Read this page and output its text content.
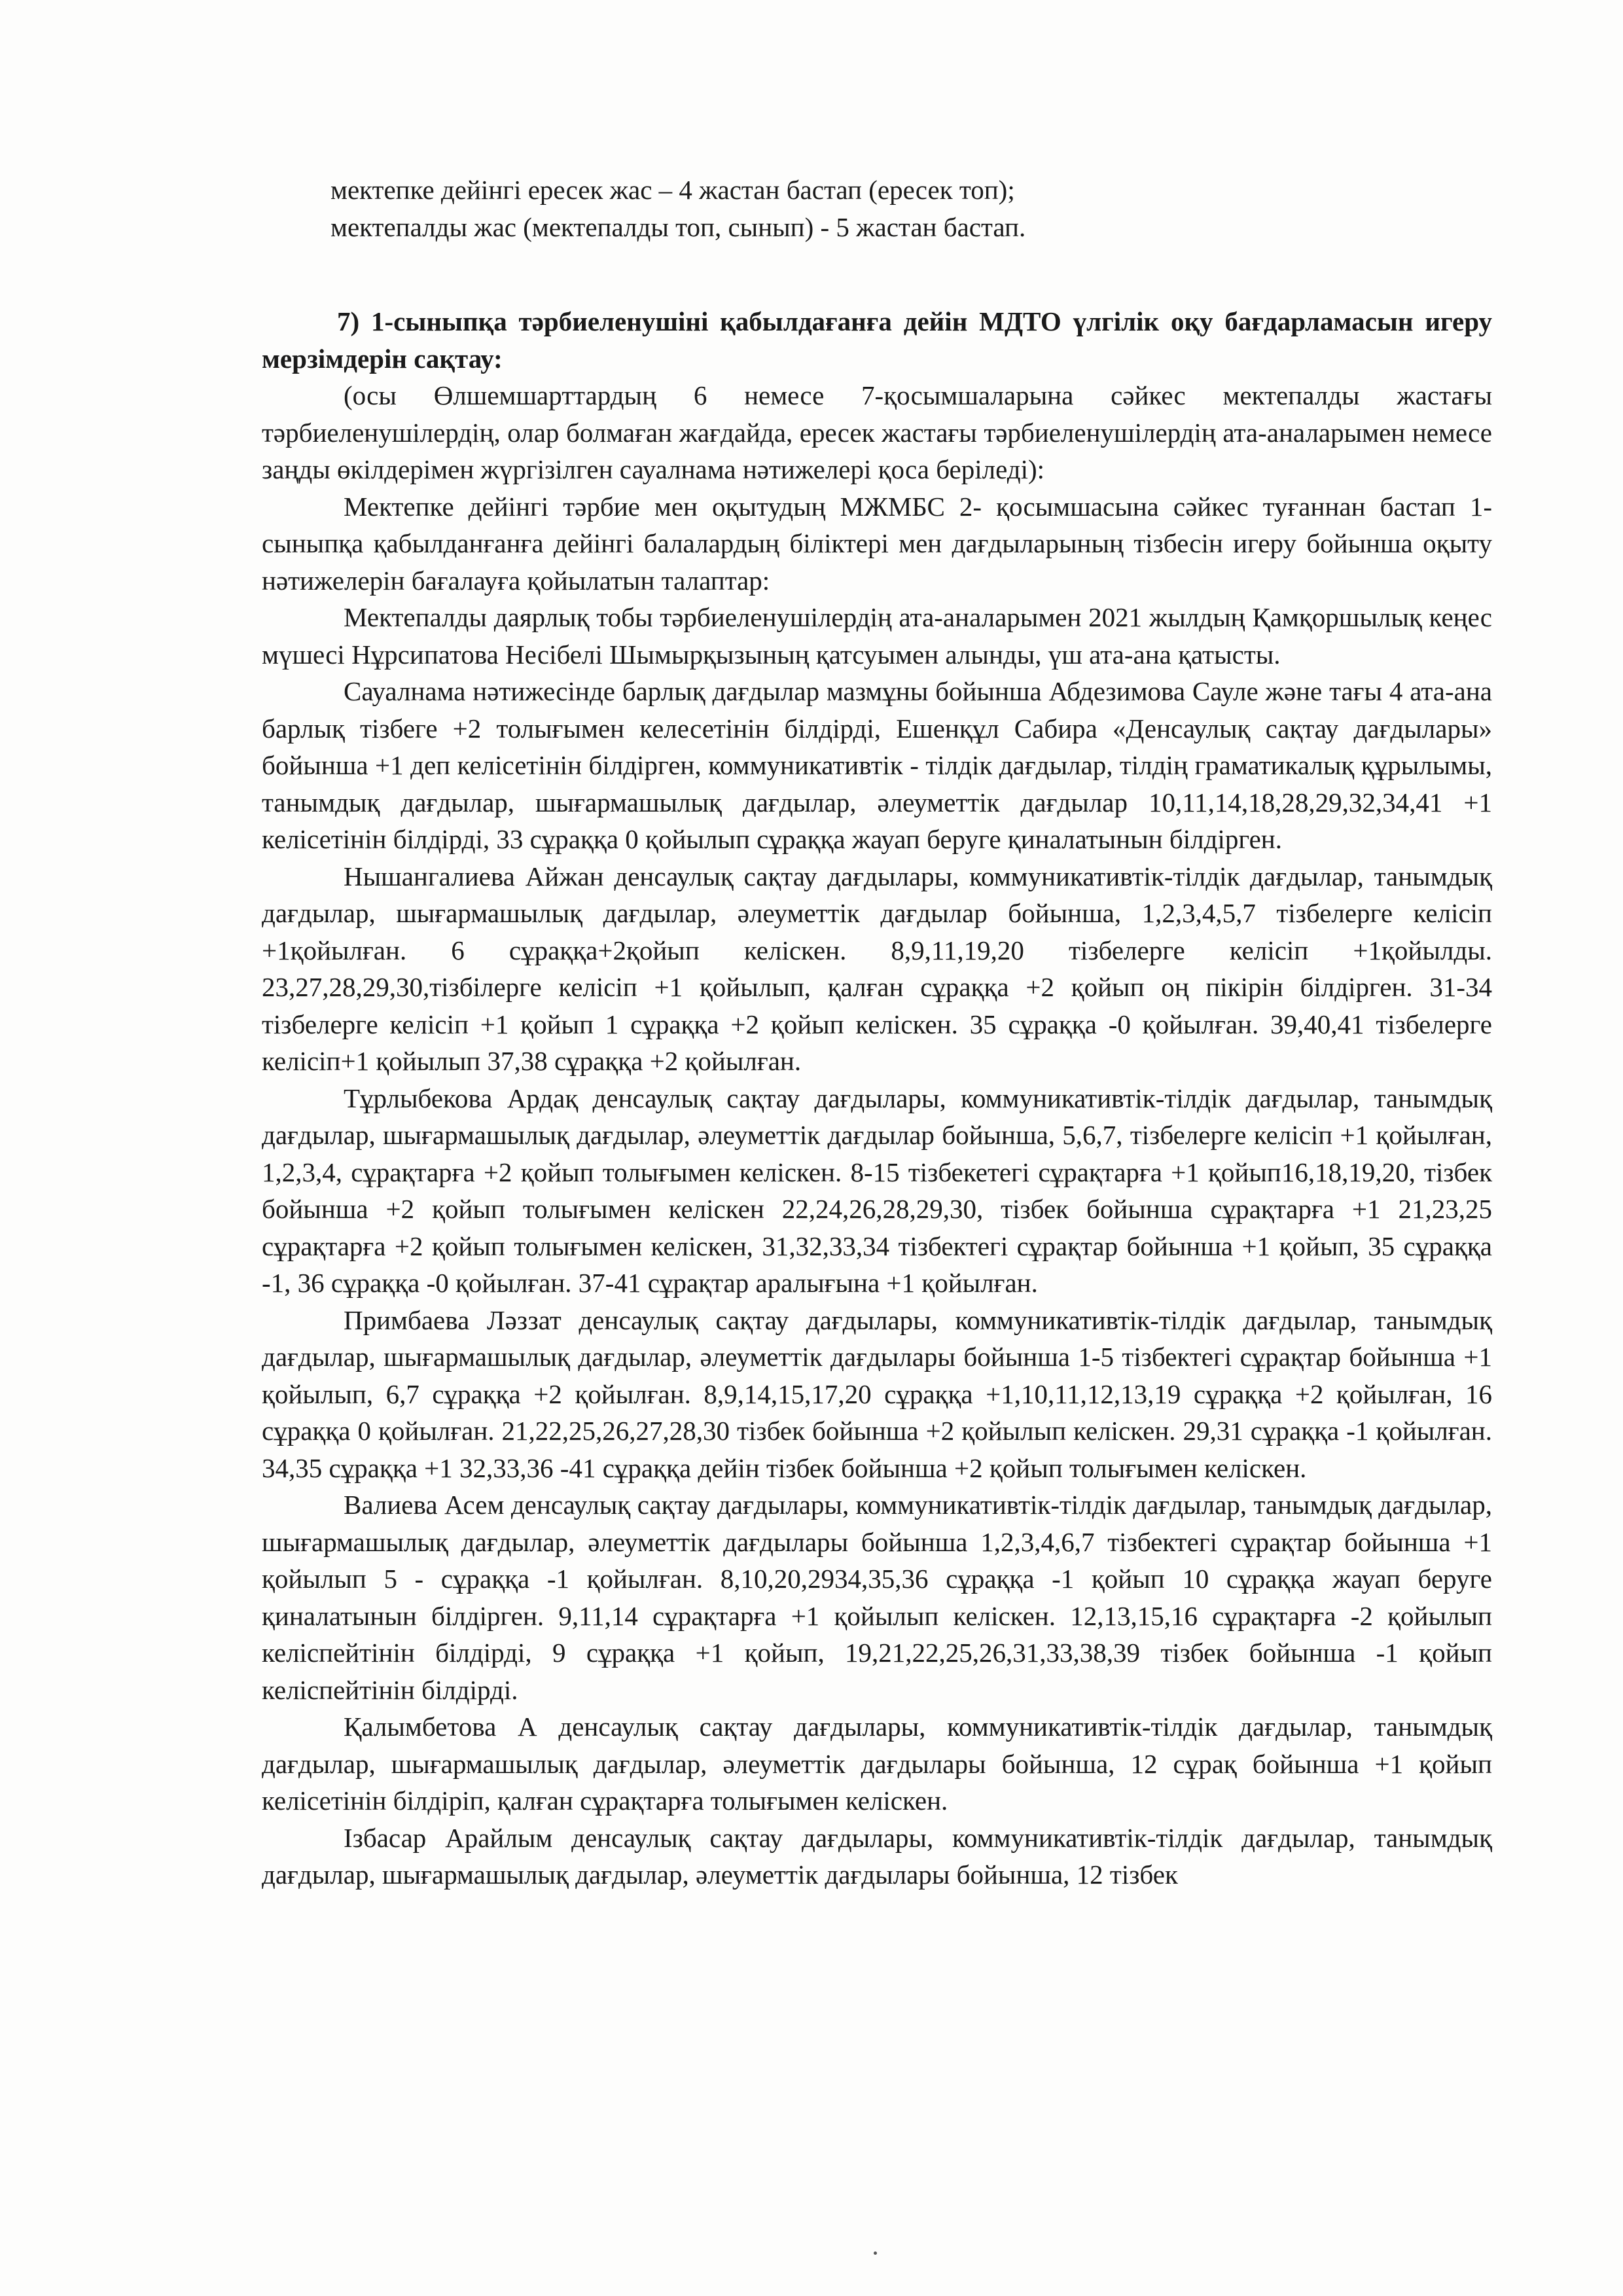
мектепке дейінгі ересек жас – 4 жастан бастап (ересек топ);

мектепалды жас (мектепалды топ, сынып) - 5 жастан бастап.

7) 1-сыныпқа тәрбиеленушіні қабылдағанға дейін МДТО үлгілік оқу бағдарламасын игеру мерзімдерін сақтау:

(осы Өлшемшарттардың 6 немесе 7-қосымшаларына сәйкес мектепалды жастағы тәрбиеленушілердің, олар болмаған жағдайда, ересек жастағы тәрбиеленушілердің ата-аналарымен немесе заңды өкілдерімен жүргізілген сауалнама нәтижелері қоса беріледі):

Мектепке дейінгі тәрбие мен оқытудың МЖМБС 2- қосымшасына сәйкес туғаннан бастап 1-сыныпқа қабылданғанға дейінгі балалардың біліктері мен дағдыларының тізбесін игеру бойынша оқыту нәтижелерін бағалауға қойылатын талаптар:

Мектепалды даярлық тобы тәрбиеленушілердің ата-аналарымен 2021 жылдың Қамқоршылық кеңес мүшесі Нұрсипатова Несібелі Шымырқызының қатсуымен алынды, үш ата-ана қатысты.

Сауалнама нәтижесінде барлық дағдылар мазмұны бойынша Абдезимова Сауле және тағы 4 ата-ана барлық тізбеге +2 толығымен келесетінін білдірді, Ешенқұл Сабира «Денсаулық сақтау дағдылары» бойынша +1 деп келісетінін білдірген, коммуникативтік - тілдік дағдылар, тілдің граматикалық құрылымы, танымдық дағдылар, шығармашылық дағдылар, әлеуметтік дағдылар 10,11,14,18,28,29,32,34,41 +1 келісетінін білдірді, 33 сұраққа 0 қойылып сұраққа жауап беруге қиналатынын білдірген.

Нышангалиева Айжан денсаулық сақтау дағдылары, коммуникативтік-тілдік дағдылар, танымдық дағдылар, шығармашылық дағдылар, әлеуметтік дағдылар бойынша, 1,2,3,4,5,7 тізбелерге келісіп +1қойылған. 6 сұраққа+2қойып келіскен. 8,9,11,19,20 тізбелерге келісіп +1қойылды. 23,27,28,29,30,тізбілерге келісіп +1 қойылып, қалған сұраққа +2 қойып оң пікірін білдірген. 31-34 тізбелерге келісіп +1 қойып 1 сұраққа +2 қойып келіскен. 35 сұраққа -0 қойылған. 39,40,41 тізбелерге келісіп+1 қойылып 37,38 сұраққа +2 қойылған.

Тұрлыбекова Ардақ денсаулық сақтау дағдылары, коммуникативтік-тілдік дағдылар, танымдық дағдылар, шығармашылық дағдылар, әлеуметтік дағдылар бойынша, 5,6,7, тізбелерге келісіп +1 қойылған, 1,2,3,4, сұрақтарға +2 қойып толығымен келіскен. 8-15 тізбекетегі сұрақтарға +1 қойып16,18,19,20, тізбек бойынша +2 қойып толығымен келіскен 22,24,26,28,29,30, тізбек бойынша сұрақтарға +1 21,23,25 сұрақтарға +2 қойып толығымен келіскен, 31,32,33,34 тізбектегі сұрақтар бойынша +1 қойып, 35 сұраққа -1, 36 сұраққа -0 қойылған. 37-41 сұрақтар аралығына +1 қойылған.

Примбаева Ләззат денсаулық сақтау дағдылары, коммуникативтік-тілдік дағдылар, танымдық дағдылар, шығармашылық дағдылар, әлеуметтік дағдылары бойынша 1-5 тізбектегі сұрақтар бойынша +1 қойылып, 6,7 сұраққа +2 қойылған. 8,9,14,15,17,20 сұраққа +1,10,11,12,13,19 сұраққа +2 қойылған, 16 сұраққа 0 қойылған. 21,22,25,26,27,28,30 тізбек бойынша +2 қойылып келіскен. 29,31 сұраққа -1 қойылған. 34,35 сұраққа +1 32,33,36 -41 сұраққа дейін тізбек бойынша +2 қойып толығымен келіскен.

Валиева Асем денсаулық сақтау дағдылары, коммуникативтік-тілдік дағдылар, танымдық дағдылар, шығармашылық дағдылар, әлеуметтік дағдылары бойынша 1,2,3,4,6,7 тізбектегі сұрақтар бойынша +1 қойылып 5 - сұраққа -1 қойылған. 8,10,20,2934,35,36 сұраққа -1 қойып 10 сұраққа жауап беруге қиналатынын білдірген. 9,11,14 сұрақтарға +1 қойылып келіскен. 12,13,15,16 сұрақтарға -2 қойылып келіспейтінін білдірді, 9 сұраққа +1 қойып, 19,21,22,25,26,31,33,38,39 тізбек бойынша -1 қойып келіспейтінін білдірді.

Қалымбетова А денсаулық сақтау дағдылары, коммуникативтік-тілдік дағдылар, танымдық дағдылар, шығармашылық дағдылар, әлеуметтік дағдылары бойынша, 12 сұрақ бойынша +1 қойып келісетінін білдіріп, қалған сұрақтарға толығымен келіскен.

Ізбасар Арайлым денсаулық сақтау дағдылары, коммуникативтік-тілдік дағдылар, танымдық дағдылар, шығармашылық дағдылар, әлеуметтік дағдылары бойынша, 12 тізбек
